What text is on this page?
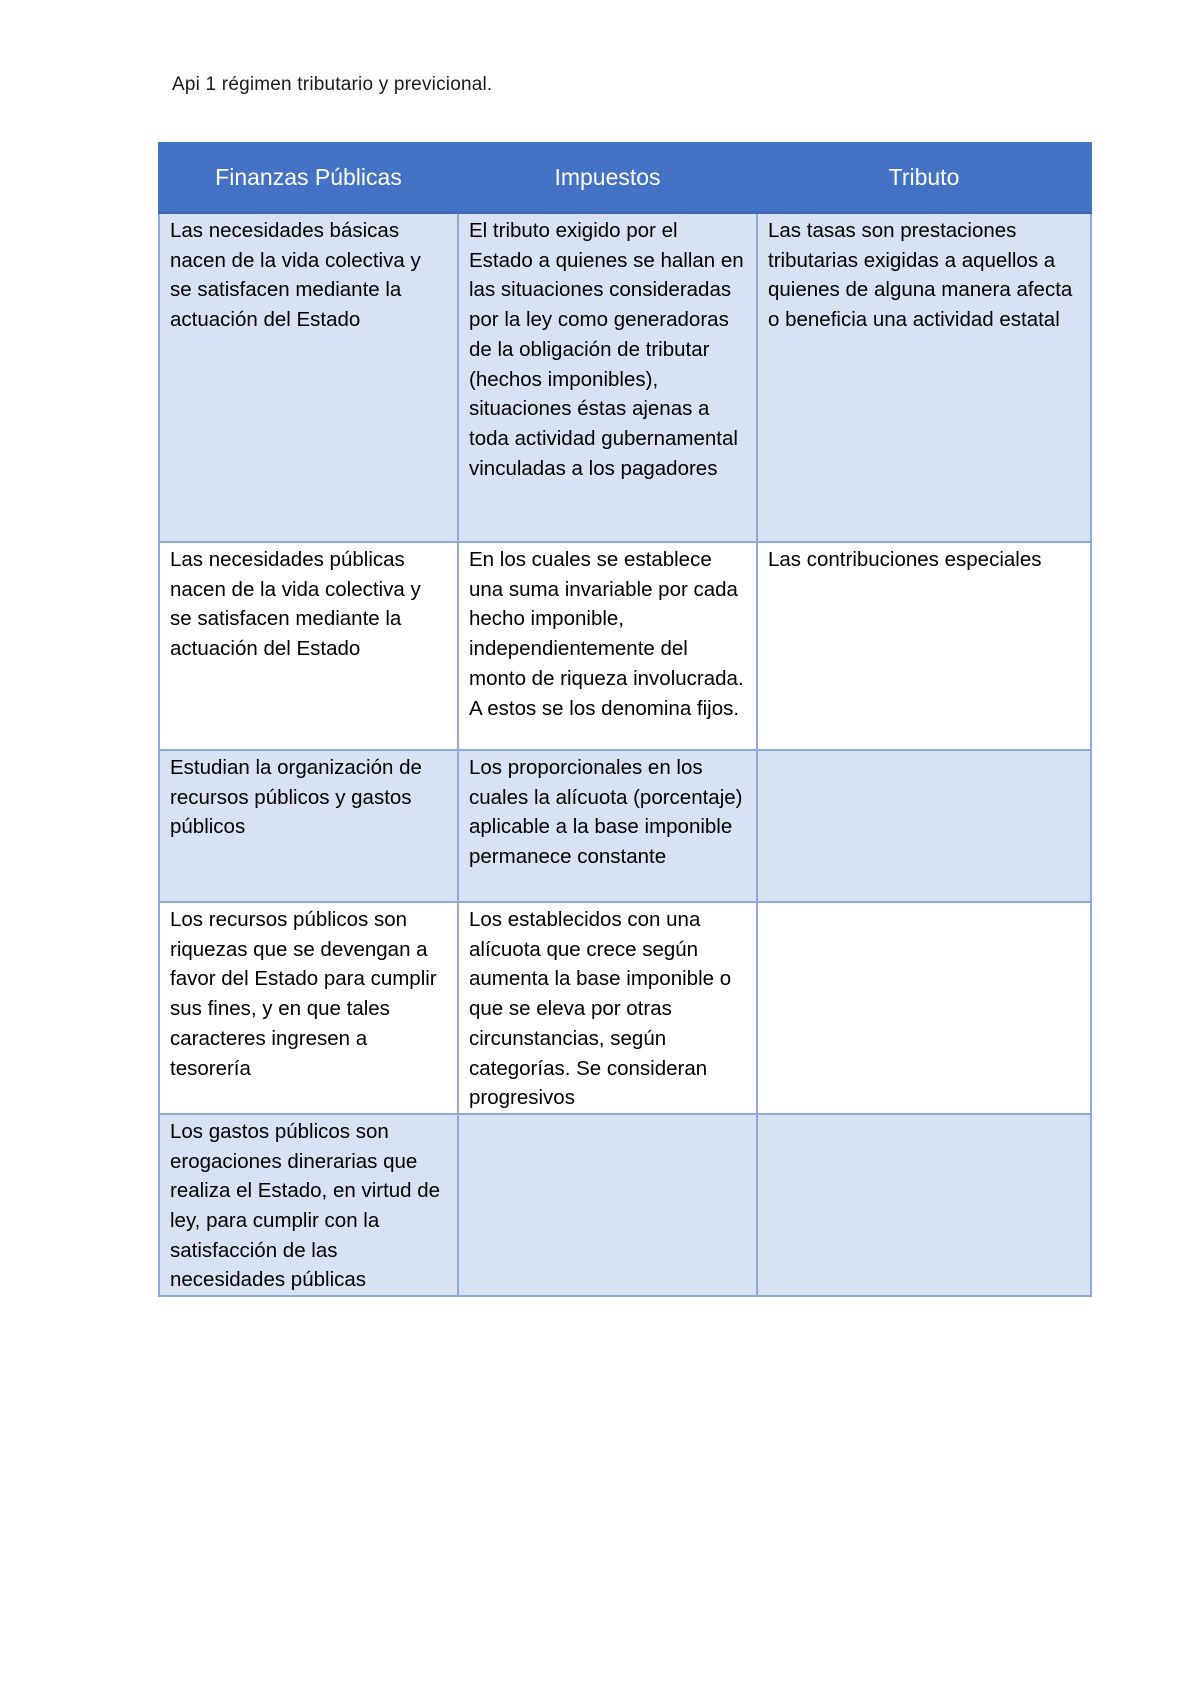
Api 1 régimen tributario y previcional.
Finanzas Públicas	Impuestos	Tributo
Las necesidades básicas nacen de la vida colectiva y se satisfacen mediante la actuación del Estado	El tributo exigido por el Estado a quienes se hallan en las situaciones consideradas por la ley como generadoras de la obligación de tributar (hechos imponibles), situaciones éstas ajenas a toda actividad gubernamental vinculadas a los pagadores	Las tasas son prestaciones tributarias exigidas a aquellos a quienes de alguna manera afecta o beneficia una actividad estatal
Las necesidades públicas nacen de la vida colectiva y se satisfacen mediante la actuación del Estado	En los cuales se establece una suma invariable por cada hecho imponible, independientemente del monto de riqueza involucrada. A estos se los denomina fijos.	Las contribuciones especiales
Estudian la organización de recursos públicos y gastos públicos	Los proporcionales en los cuales la alícuota (porcentaje) aplicable a la base imponible permanece constante	
Los recursos públicos son riquezas que se devengan a favor del Estado para cumplir sus fines, y en que tales caracteres ingresen a tesorería	Los establecidos con una alícuota que crece según aumenta la base imponible o que se eleva por otras circunstancias, según categorías. Se consideran progresivos	
Los gastos públicos son erogaciones dinerarias que realiza el Estado, en virtud de ley, para cumplir con la satisfacción de las necesidades públicas		
